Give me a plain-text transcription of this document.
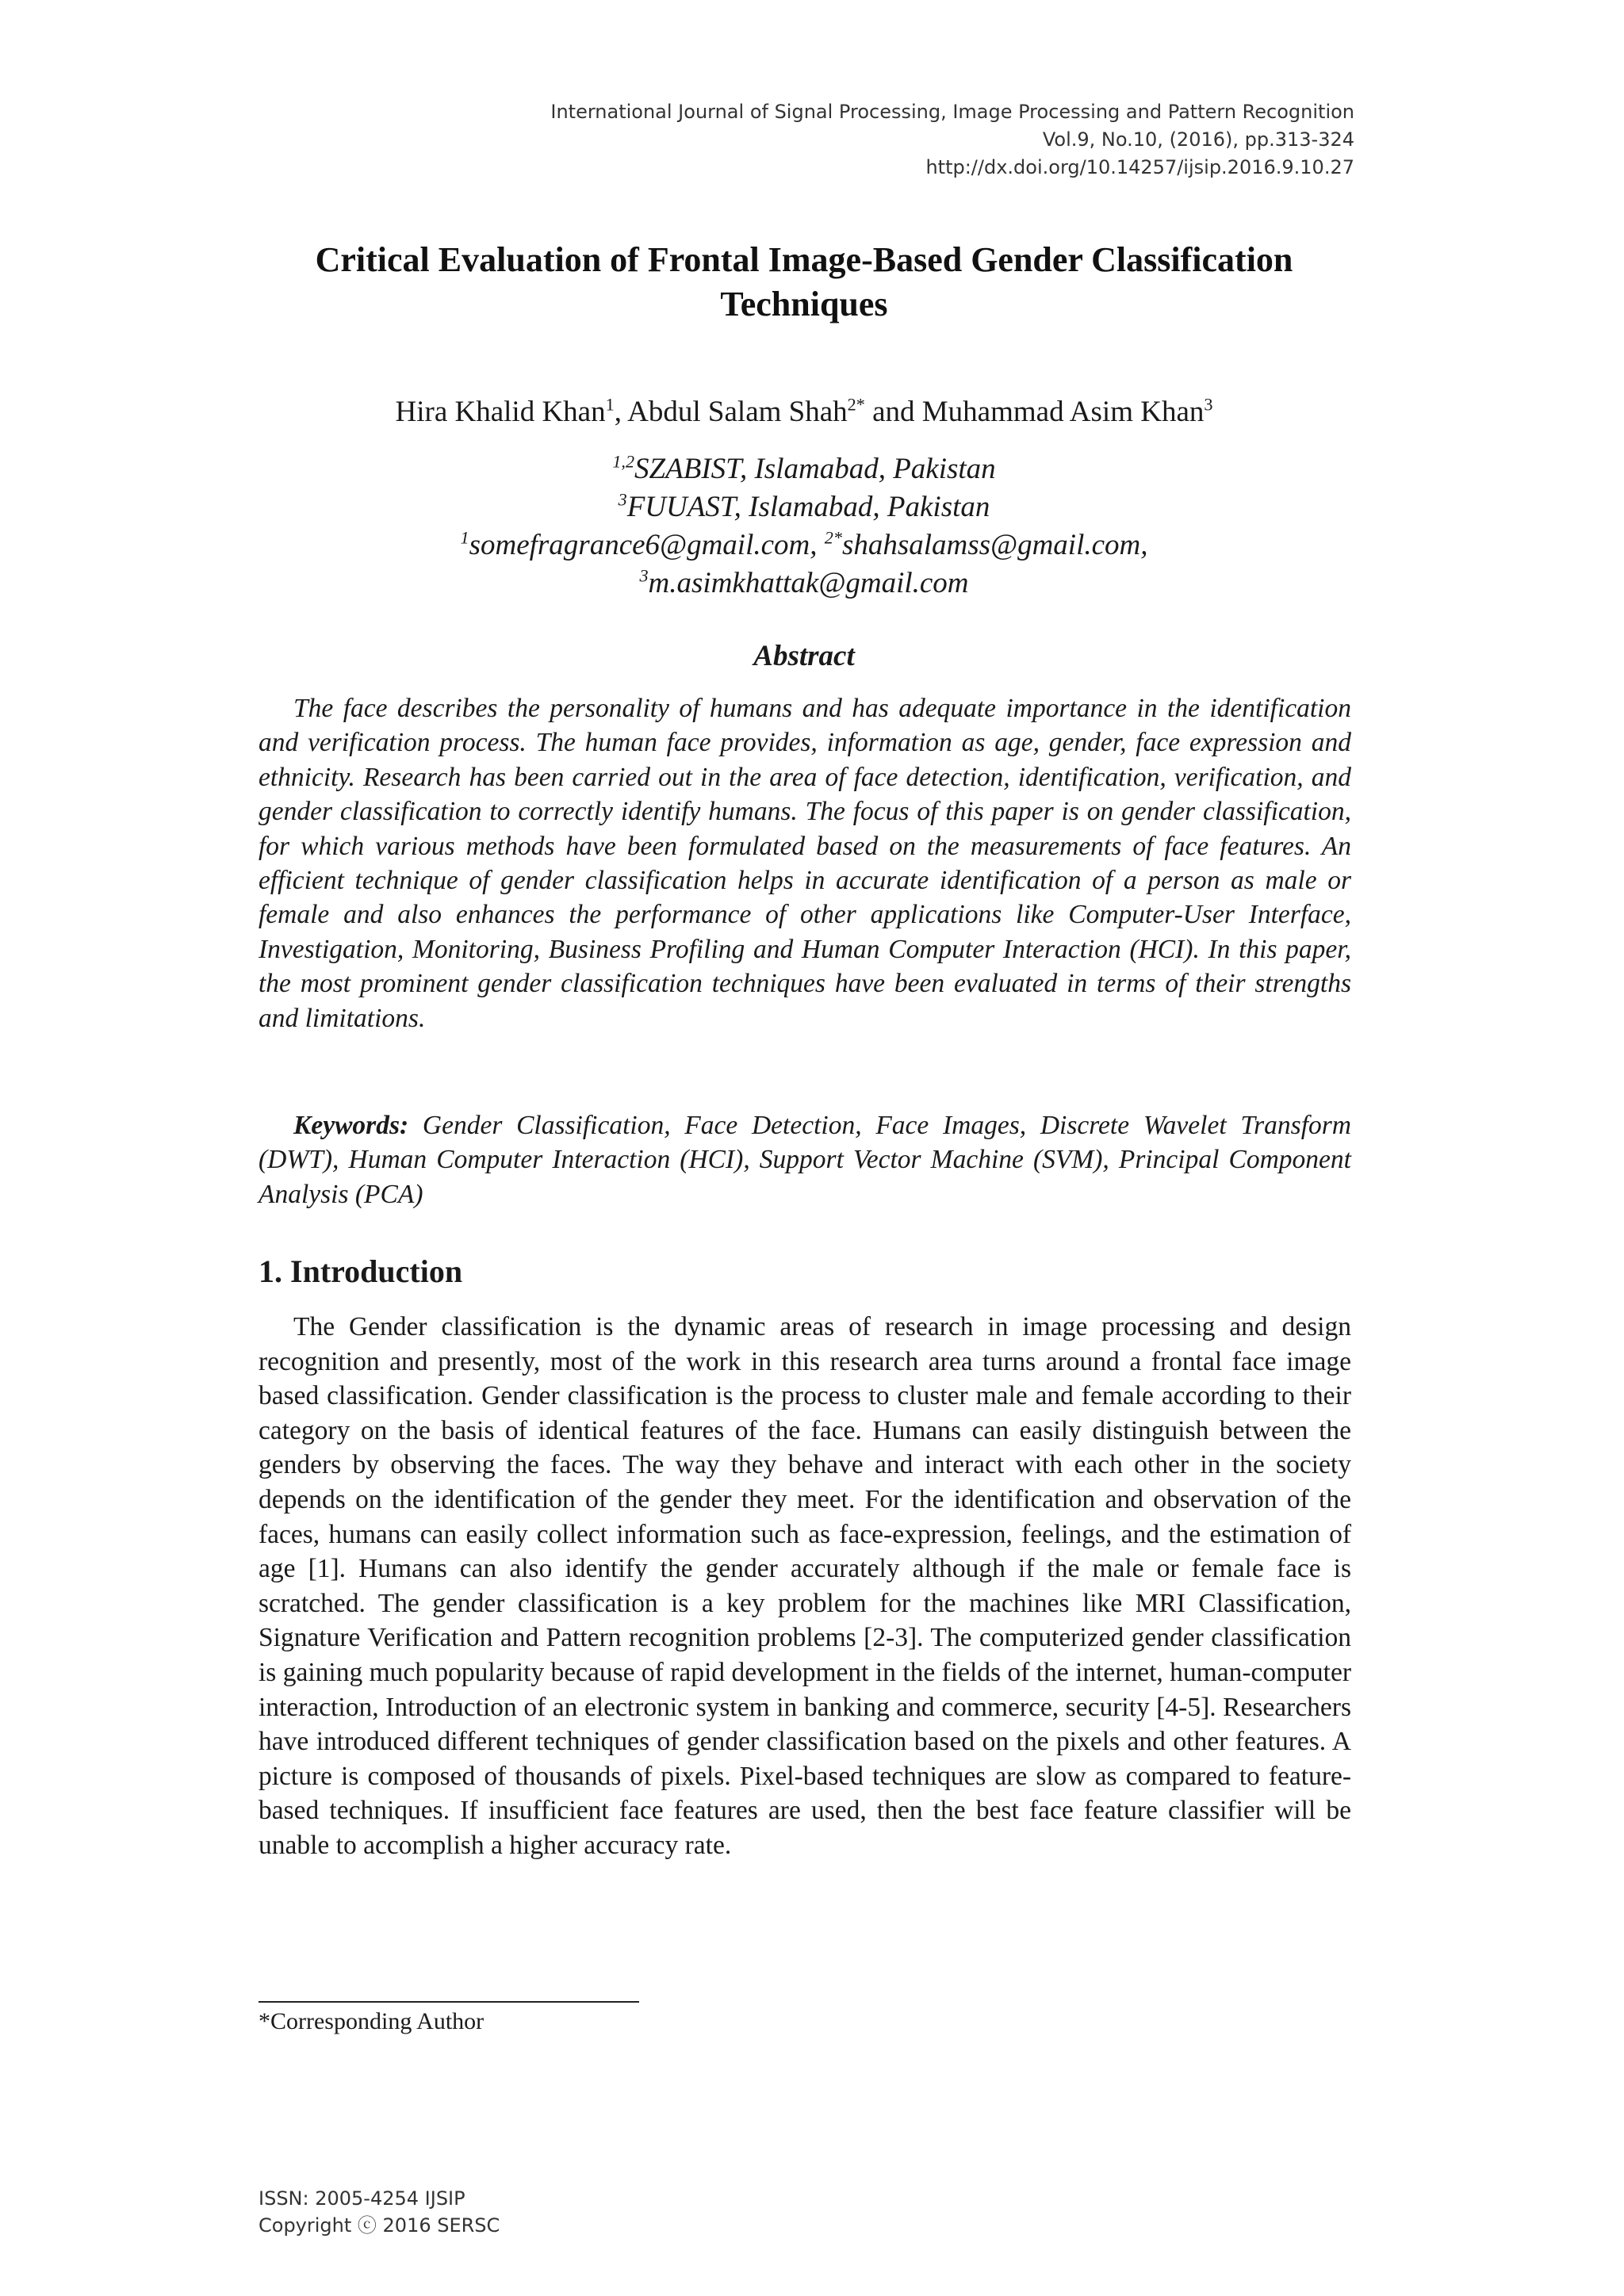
International Journal of Signal Processing, Image Processing and Pattern Recognition
Vol.9, No.10, (2016), pp.313-324
http://dx.doi.org/10.14257/ijsip.2016.9.10.27
Critical Evaluation of Frontal Image-Based Gender Classification
Techniques
Hira Khalid Khan$^1$, Abdul Salam Shah$^{2*}$ and Muhammad Asim Khan$^3$
$^{1,2}$SZABIST, Islamabad, Pakistan
$^3$FUUAST, Islamabad, Pakistan
$^1$somefragrance6@gmail.com, $^{2*}$shahsalamss@gmail.com,
$^3$m.asimkhattak@gmail.com
Abstract
The face describes the personality of humans and has adequate importance in the identification and verification process. The human face provides, information as age, gender, face expression and ethnicity. Research has been carried out in the area of face detection, identification, verification, and gender classification to correctly identify humans. The focus of this paper is on gender classification, for which various methods have been formulated based on the measurements of face features. An efficient technique of gender classification helps in accurate identification of a person as male or female and also enhances the performance of other applications like Computer-User Interface, Investigation, Monitoring, Business Profiling and Human Computer Interaction (HCI). In this paper, the most prominent gender classification techniques have been evaluated in terms of their strengths and limitations.
Keywords: Gender Classification, Face Detection, Face Images, Discrete Wavelet Transform (DWT), Human Computer Interaction (HCI), Support Vector Machine (SVM), Principal Component Analysis (PCA)
1. Introduction
The Gender classification is the dynamic areas of research in image processing and design recognition and presently, most of the work in this research area turns around a frontal face image based classification. Gender classification is the process to cluster male and female according to their category on the basis of identical features of the face. Humans can easily distinguish between the genders by observing the faces. The way they behave and interact with each other in the society depends on the identification of the gender they meet. For the identification and observation of the faces, humans can easily collect information such as face-expression, feelings, and the estimation of age [1]. Humans can also identify the gender accurately although if the male or female face is scratched. The gender classification is a key problem for the machines like MRI Classification, Signature Verification and Pattern recognition problems [2-3]. The computerized gender classification is gaining much popularity because of rapid development in the fields of the internet, human-computer interaction, Introduction of an electronic system in banking and commerce, security [4-5]. Researchers have introduced different techniques of gender classification based on the pixels and other features. A picture is composed of thousands of pixels. Pixel-based techniques are slow as compared to feature-based techniques. If insufficient face features are used, then the best face feature classifier will be unable to accomplish a higher accuracy rate.
*Corresponding Author
ISSN: 2005-4254 IJSIP
Copyright ⓒ 2016 SERSC
